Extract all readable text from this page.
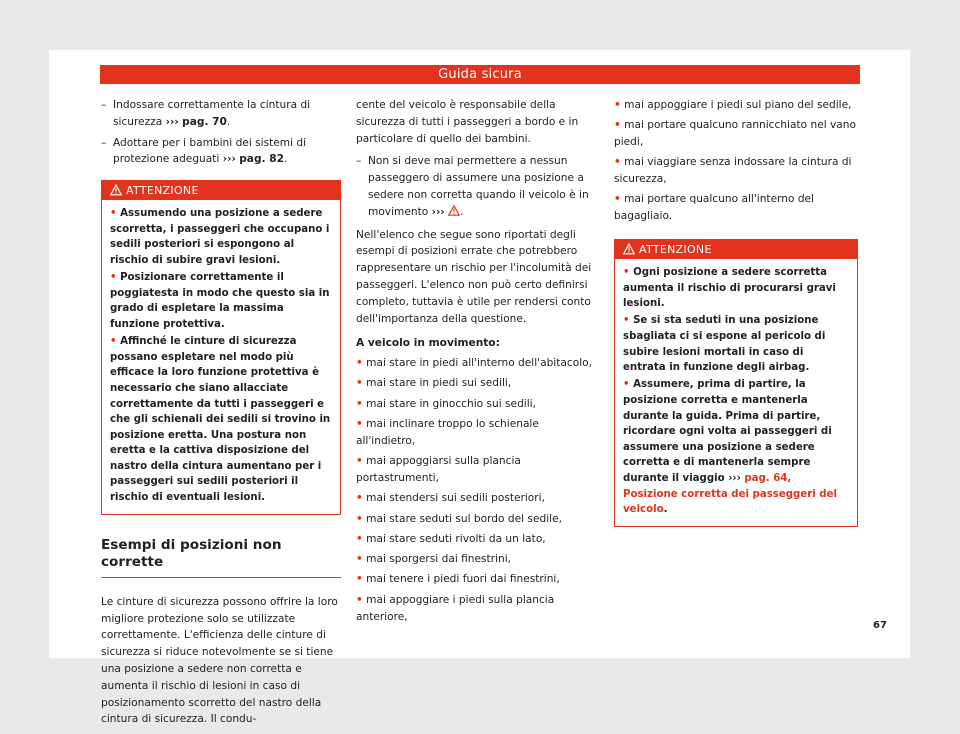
Guida sicura
– Indossare correttamente la cintura di sicurezza ››› pag. 70.
– Adottare per i bambini dei sistemi di protezione adeguati ››› pag. 82.
ATTENZIONE
• Assumendo una posizione a sedere scorretta, i passeggeri che occupano i sedili posteriori si espongono al rischio di subire gravi lesioni.
• Posizionare correttamente il poggiatesta in modo che questo sia in grado di espletare la massima funzione protettiva.
• Affinché le cinture di sicurezza possano espletare nel modo più efficace la loro funzione protettiva è necessario che siano allacciate correttamente da tutti i passeggeri e che gli schienali dei sedili si trovino in posizione eretta. Una postura non eretta e la cattiva disposizione del nastro della cintura aumentano per i passeggeri sui sedili posteriori il rischio di eventuali lesioni.
Esempi di posizioni non corrette

Le cinture di sicurezza possono offrire la loro migliore protezione solo se utilizzate correttamente. L'efficienza delle cinture di sicurezza si riduce notevolmente se si tiene una posizione a sedere non corretta e aumenta il rischio di lesioni in caso di posizionamento scorretto del nastro della cintura di sicurezza. Il condu-

cente del veicolo è responsabile della sicurezza di tutti i passeggeri a bordo e in particolare di quello dei bambini.

– Non si deve mai permettere a nessun passeggero di assumere una posizione a sedere non corretta quando il veicolo è in movimento ››› .

Nell'elenco che segue sono riportati degli esempi di posizioni errate che potrebbero rappresentare un rischio per l'incolumità dei passeggeri. L'elenco non può certo definirsi completo, tuttavia è utile per rendersi conto dell'importanza della questione.

A veicolo in movimento:

• mai stare in piedi all'interno dell'abitacolo,
• mai stare in piedi sui sedili,
• mai stare in ginocchio sui sedili,
• mai inclinare troppo lo schienale all'indietro,
• mai appoggiarsi sulla plancia portastrumenti,
• mai stendersi sui sedili posteriori,
• mai stare seduti sul bordo del sedile,
• mai stare seduti rivolti da un lato,
• mai sporgersi dai finestrini,
• mai tenere i piedi fuori dai finestrini,
• mai appoggiare i piedi sulla plancia anteriore,
• mai appoggiare i piedi sul piano del sedile,
• mai portare qualcuno rannicchiato nel vano piedi,
• mai viaggiare senza indossare la cintura di sicurezza,
• mai portare qualcuno all'interno del bagagliaio.
ATTENZIONE
• Ogni posizione a sedere scorretta aumenta il rischio di procurarsi gravi lesioni.
• Se si sta seduti in una posizione sbagliata ci si espone al pericolo di subire lesioni mortali in caso di entrata in funzione degli airbag.
• Assumere, prima di partire, la posizione corretta e mantenerla durante la guida. Prima di partire, ricordare ogni volta ai passeggeri di assumere una posizione a sedere corretta e di mantenerla sempre durante il viaggio ››› pag. 64, Posizione corretta dei passeggeri del veicolo.
67
